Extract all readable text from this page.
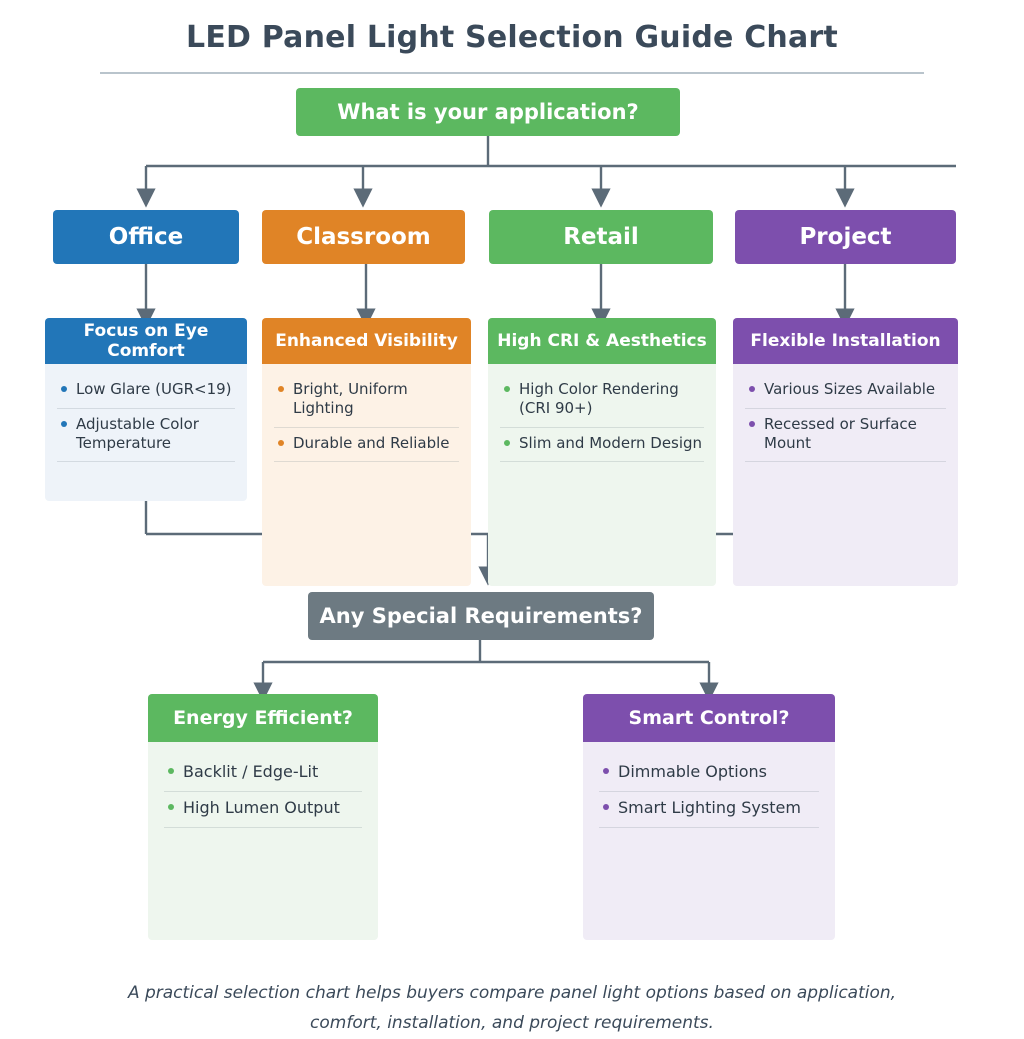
LED Panel Light Selection Guide Chart
What is your application?
Office	Classroom	Retail	Project
Focus on Eye Comfort
Low Glare (UGR<19)
Adjustable Color Temperature
Enhanced Visibility
Bright, Uniform Lighting
Durable and Reliable
High CRI & Aesthetics
High Color Rendering (CRI 90+)
Slim and Modern Design
Flexible Installation
Various Sizes Available
Recessed or Surface Mount
Any Special Requirements?
Energy Efficient?
Backlit / Edge-Lit
High Lumen Output
Smart Control?
Dimmable Options
Smart Lighting System
A practical selection chart helps buyers compare panel light options based on application,
comfort, installation, and project requirements.
